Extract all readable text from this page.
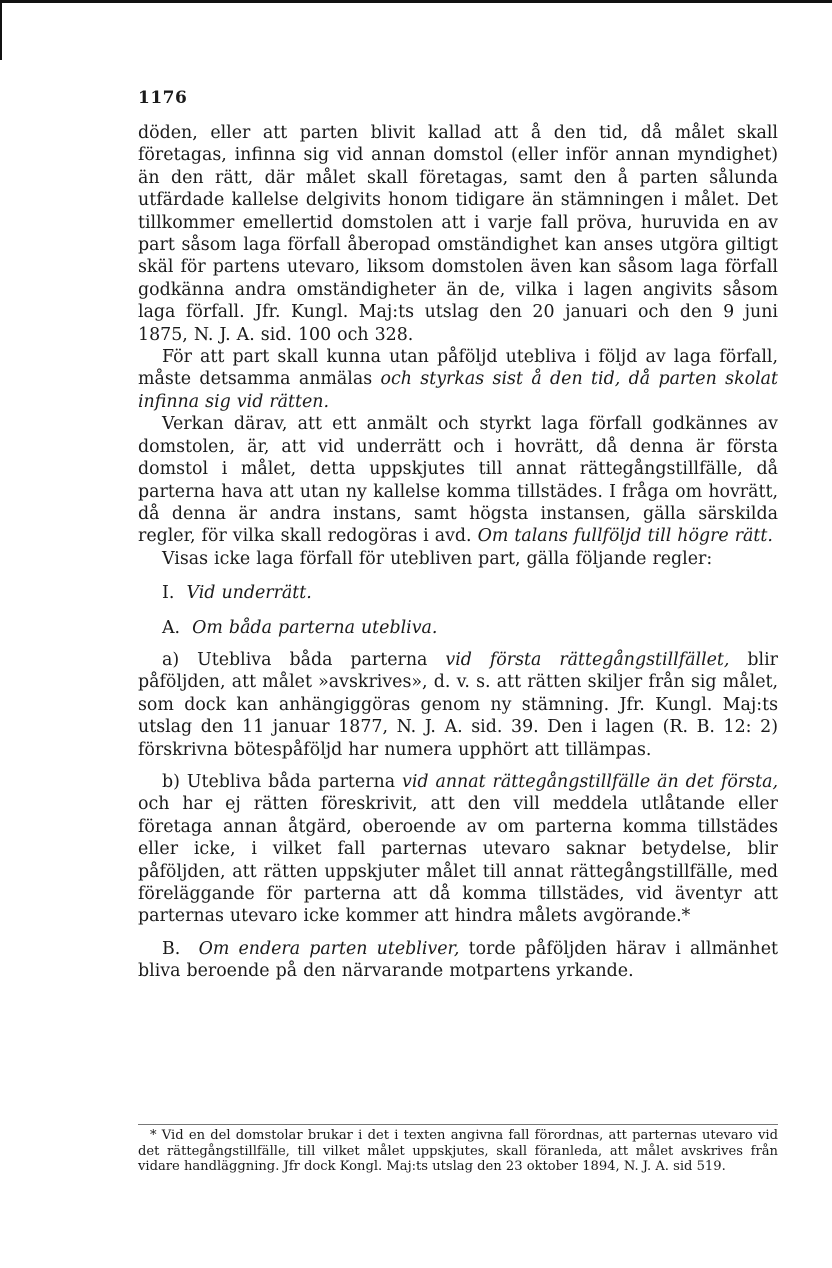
1176

döden, eller att parten blivit kallad att å den tid, då målet skall företagas, infinna sig vid annan domstol (eller inför annan myndighet) än den rätt, där målet skall företagas, samt den å parten sålunda utfärdade kallelse delgivits honom tidigare än stämningen i målet. Det tillkommer emellertid domstolen att i varje fall pröva, huruvida en av part såsom laga förfall åberopad omständighet kan anses utgöra giltigt skäl för partens utevaro, liksom domstolen även kan såsom laga förfall godkänna andra omständigheter än de, vilka i lagen angivits såsom laga förfall. Jfr. Kungl. Maj:ts utslag den 20 januari och den 9 juni 1875, N. J. A. sid. 100 och 328.

För att part skall kunna utan påföljd utebliva i följd av laga förfall, måste detsamma anmälas och styrkas sist å den tid, då parten skolat infinna sig vid rätten.

Verkan därav, att ett anmält och styrkt laga förfall godkännes av domstolen, är, att vid underrätt och i hovrätt, då denna är första domstol i målet, detta uppskjutes till annat rättegångstillfälle, då parterna hava att utan ny kallelse komma tillstädes. I fråga om hovrätt, då denna är andra instans, samt högsta instansen, gälla särskilda regler, för vilka skall redogöras i avd. Om talans fullföljd till högre rätt.

Visas icke laga förfall för utebliven part, gälla följande regler:

I. Vid underrätt.

A. Om båda parterna utebliva.

a) Utebliva båda parterna vid första rättegångstillfället, blir påföljden, att målet »avskrives», d. v. s. att rätten skiljer från sig målet, som dock kan anhängiggöras genom ny stämning. Jfr. Kungl. Maj:ts utslag den 11 januar 1877, N. J. A. sid. 39. Den i lagen (R. B. 12: 2) förskrivna bötespåföljd har numera upphört att tillämpas.

b) Utebliva båda parterna vid annat rättegångstillfälle än det första, och har ej rätten föreskrivit, att den vill meddela utlåtande eller företaga annan åtgärd, oberoende av om parterna komma tillstädes eller icke, i vilket fall parternas utevaro saknar betydelse, blir påföljden, att rätten uppskjuter målet till annat rättegångstillfälle, med föreläggande för parterna att då komma tillstädes, vid äventyr att parternas utevaro icke kommer att hindra målets avgörande.*

B. Om endera parten utebliver, torde påföljden härav i allmänhet bliva beroende på den närvarande motpartens yrkande.

* Vid en del domstolar brukar i det i texten angivna fall förordnas, att parternas utevaro vid det rättegångstillfälle, till vilket målet uppskjutes, skall föranleda, att målet avskrives från vidare handläggning. Jfr dock Kongl. Maj:ts utslag den 23 oktober 1894, N. J. A. sid 519.
